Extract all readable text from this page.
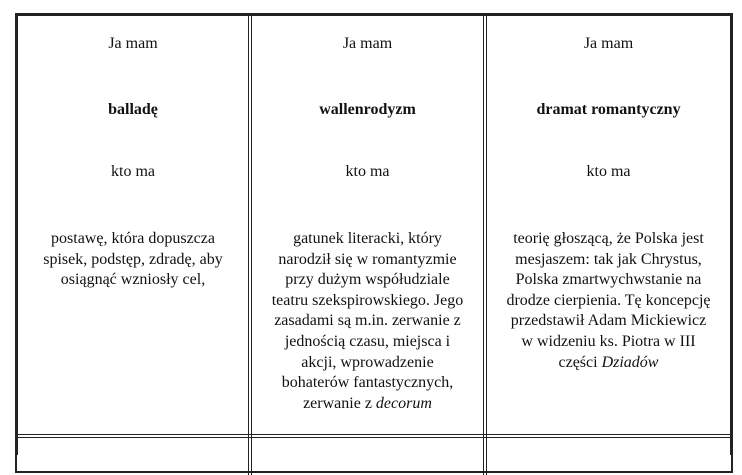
Ja mam
balladę
kto ma
postawę, która dopuszcza spisek, podstęp, zdradę, aby osiągnąć wzniosły cel,
Ja mam
wallenrodyzm
kto ma
gatunek literacki, który narodził się w romantyzmie przy dużym współudziale teatru szekspirowskiego. Jego zasadami są m.in. zerwanie z jednością czasu, miejsca i akcji, wprowadzenie bohaterów fantastycznych, zerwanie z decorum
Ja mam
dramat romantyczny
kto ma
teorię głoszącą, że Polska jest mesjaszem: tak jak Chrystus, Polska zmartwychwstanie na drodze cierpienia. Tę koncepcję przedstawił Adam Mickiewicz w widzeniu ks. Piotra w III części Dziadów
